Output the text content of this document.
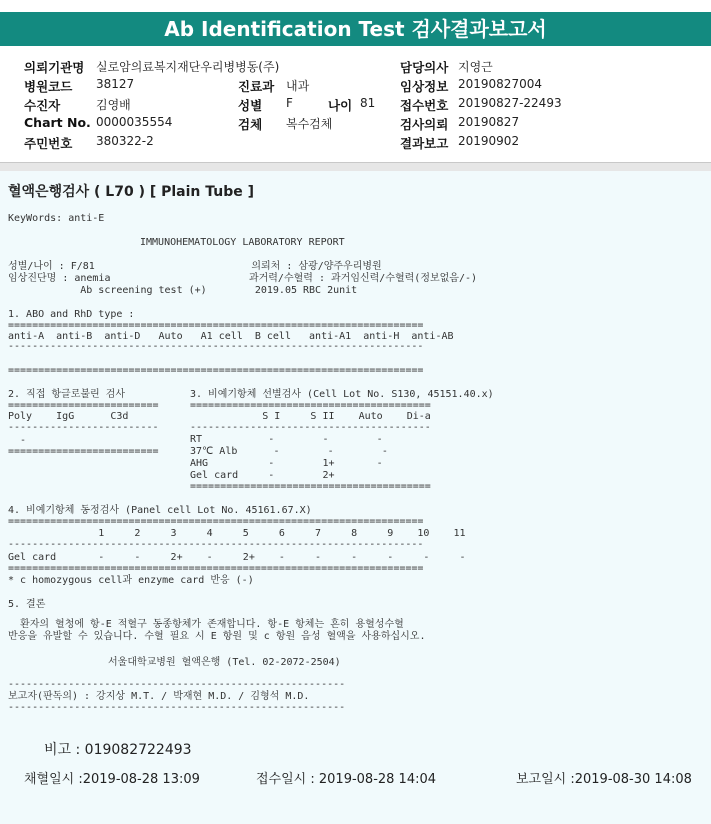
Ab Identification Test 검사결과보고서
의뢰기관명 실로암의료복지재단우리병병동(주)	담당의사 지영근
병원코드 38127	진료과 내과	임상정보 20190827004
수진자	김영배	성별 F	나이 81 접수번호 20190827-22493
Chart No. 0000035554	검체 복수검체	검사의뢰 20190827
주민번호 380322-2	결과보고 20190902
혈액은행검사 ( L70 ) [ Plain Tube ]
KeyWords: anti-E
IMMUNOHEMATOLOGY LABORATORY REPORT
성별/나이 : F/81                          의뢰처 : 삼광/양주우리병원
임상진단명 : anemia                       과거력/수혈력 : 과거임신력/수혈력(정보없음/-)
Ab screening test (+)        2019.05 RBC 2unit
1. ABO and RhD type :
=====================================================================
anti-A  anti-B  anti-D   Auto   A1 cell  B cell   anti-A1  anti-H  anti-AB
---------------------------------------------------------------------
=====================================================================
2. 직접 항글로불린 검사
=========================
Poly    IgG      C3d
-------------------------
-
=========================
3. 비예기항체 선별검사 (Cell Lot No. S130, 45151.40.x)
========================================
S I     S II    Auto    Di-a
----------------------------------------
RT           -        -        -
37℃ Alb      -        -        -
AHG          -        1+       -
Gel card     -        2+
========================================
4. 비예기항체 동정검사 (Panel cell Lot No. 45161.67.X)
=====================================================================
1     2     3     4     5     6     7     8     9    10    11
---------------------------------------------------------------------
Gel card       -     -     2+    -     2+    -     -     -     -     -     -
=====================================================================
* c homozygous cell과 enzyme card 반응 (-)
5. 결론
환자의 혈청에 항-E 적혈구 동종항체가 존재합니다. 항-E 항체는 흔히 용혈성수혈
반응을 유발할 수 있습니다. 수혈 필요 시 E 항원 및 c 항원 음성 혈액을 사용하십시오.
서울대학교병원 혈액은행 (Tel. 02-2072-2504)
--------------------------------------------------------
보고자(판독의) : 강지상 M.T. / 박재현 M.D. / 김형석 M.D.
--------------------------------------------------------
비고 : 019082722493
채혈일시 :2019-08-28 13:09	접수일시 : 2019-08-28 14:04	보고일시 :2019-08-30 14:08
